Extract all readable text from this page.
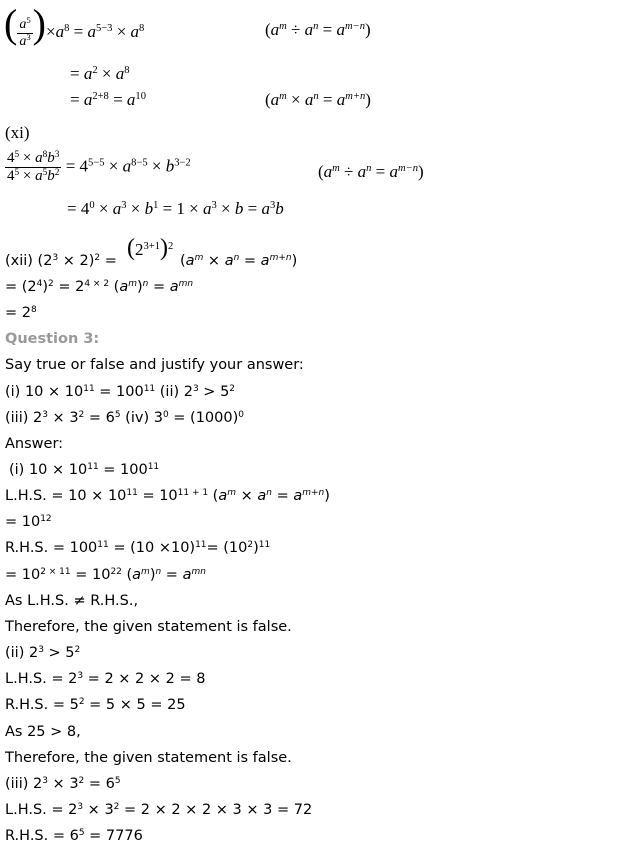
( $\frac{a^5}{a^3} )\times a^8 = a^{5-3} \times a^8$	$(a^m \div a^n = a^{m-n})$
= $a^2 \times a^8$
= $a^{2+8} = a^{10}$	$(a^m \times a^n = a^{m+n})$
(xi)
$\frac{4^5 \times a^8b^3}{4^5 \times a^5b^2} = 4^{5-5} \times a^{8-5} \times b^{3-2}$	$(a^m \div a^n = a^{m-n})$
= $4^0 \times a^3 \times b^1 = 1 \times a^3 \times b = a^3b$
(xii) $(2^3 \times 2)^2 = (2^{3+1})^2$
$(a^m \times a^n = a^{m+n})$
= $(2^4)^2 = 2^{4 \times 2}$ $(a^m)^n = a^{mn}$
= $2^8$
Question 3:
Say true or false and justify your answer:
(i) $10 \times 10^{11} = 100^{11}$ (ii) $2^3 > 5^2$
(iii) $2^3 \times 3^2 = 6^5$ (iv) $3^0 = (1000)^0$
Answer:
(i) $10 \times 10^{11} = 100^{11}$
L.H.S. = $10 \times 10^{11} = 10^{11 + 1}$ $(a^m \times a^n = a^{m+n})$
= $10^{12}$
R.H.S. = $100^{11} = (10 \times 10)^{11}= (10^2)^{11}$
= $10^{2 \times 11} = 10^{22}$ $(a^m)^n = a^{mn}$
As L.H.S. ≠ R.H.S.,
Therefore, the given statement is false.
(ii) $2^3 > 5^2$
L.H.S. = $2^3 = 2 \times 2 \times 2 = 8$
R.H.S. = $5^2 = 5 \times 5 = 25$
As 25 > 8,
Therefore, the given statement is false.
(iii) $2^3 \times 3^2 = 6^5$
L.H.S. = $2^3 \times 3^2 = 2 \times 2 \times 2 \times 3 \times 3 = 72$
R.H.S. = $6^5 = 7776$
